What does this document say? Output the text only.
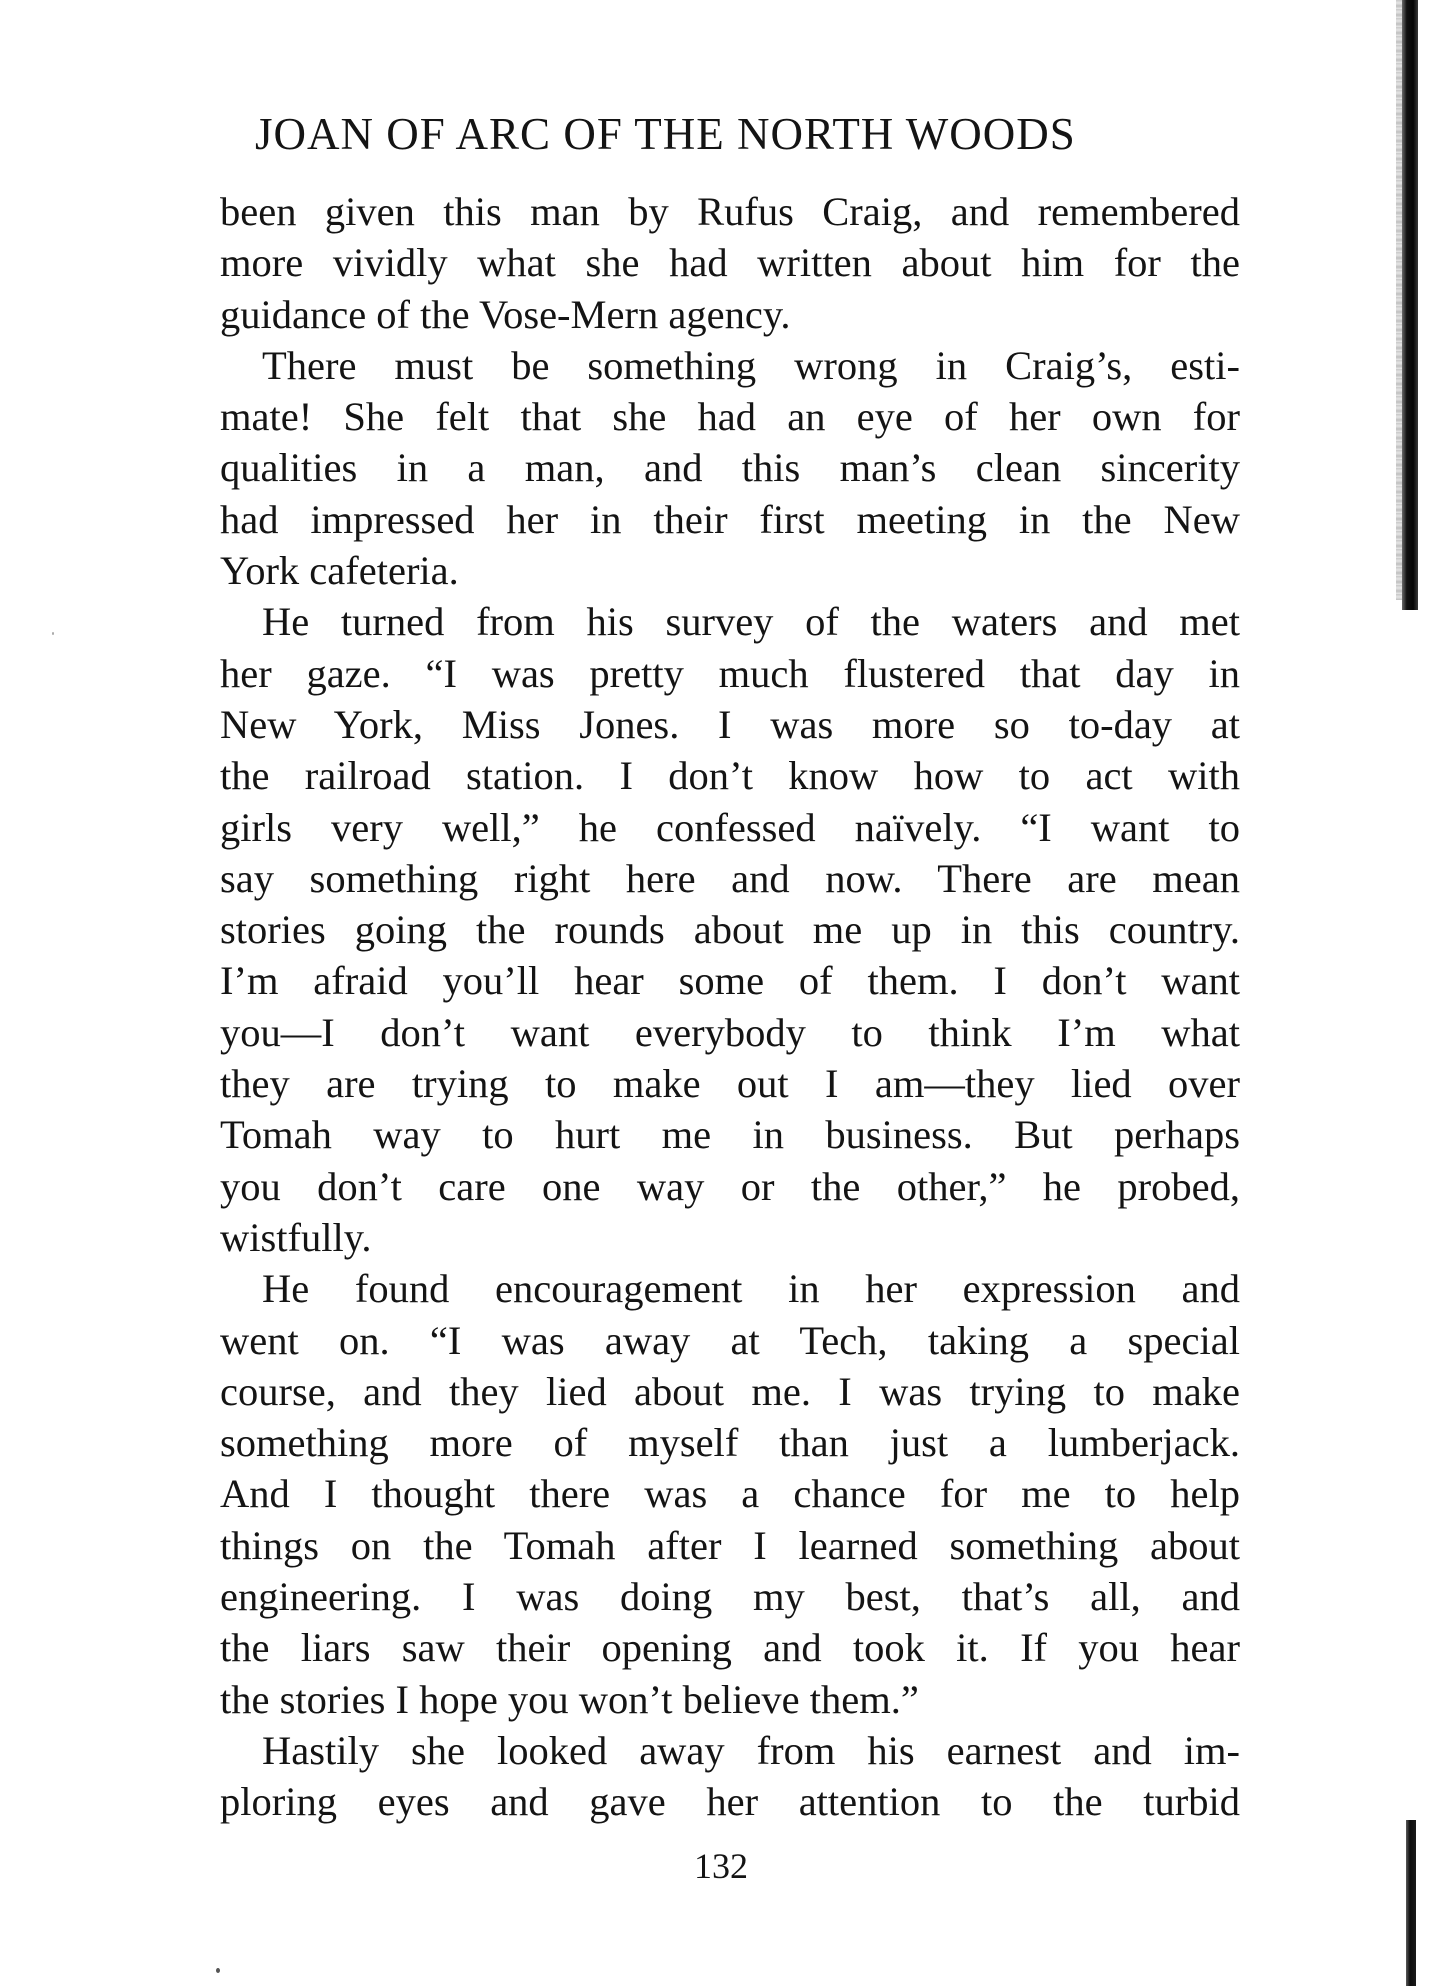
JOAN OF ARC OF THE NORTH WOODS
been given this man by Rufus Craig, and remembered
more vividly what she had written about him for the
guidance of the Vose-Mern agency.
There must be something wrong in Craig’s, esti-
mate! She felt that she had an eye of her own for
qualities in a man, and this man’s clean sincerity
had impressed her in their first meeting in the New
York cafeteria.
He turned from his survey of the waters and met
her gaze. “I was pretty much flustered that day in
New York, Miss Jones. I was more so to-day at
the railroad station. I don’t know how to act with
girls very well,” he confessed naïvely. “I want to
say something right here and now. There are mean
stories going the rounds about me up in this country.
I’m afraid you’ll hear some of them. I don’t want
you—I don’t want everybody to think I’m what
they are trying to make out I am—they lied over
Tomah way to hurt me in business. But perhaps
you don’t care one way or the other,” he probed,
wistfully.
He found encouragement in her expression and
went on. “I was away at Tech, taking a special
course, and they lied about me. I was trying to make
something more of myself than just a lumberjack.
And I thought there was a chance for me to help
things on the Tomah after I learned something about
engineering. I was doing my best, that’s all, and
the liars saw their opening and took it. If you hear
the stories I hope you won’t believe them.”
Hastily she looked away from his earnest and im-
ploring eyes and gave her attention to the turbid
132
